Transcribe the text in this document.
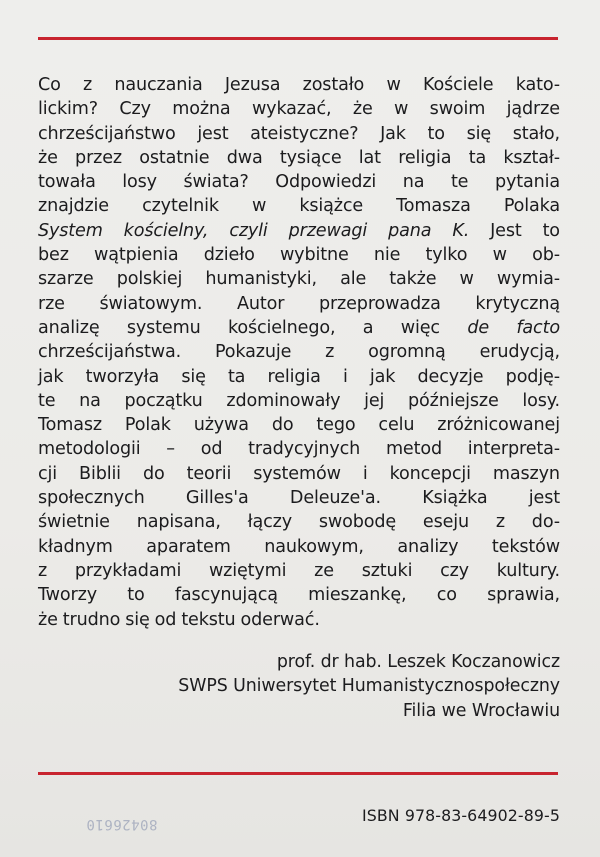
Co z nauczania Jezusa zostało w Kościele kato-
lickim? Czy można wykazać, że w swoim jądrze
chrześcijaństwo jest ateistyczne? Jak to się stało,
że przez ostatnie dwa tysiące lat religia ta kształ-
towała losy świata? Odpowiedzi na te pytania
znajdzie czytelnik w książce Tomasza Polaka
System kościelny, czyli przewagi pana K. Jest to
bez wątpienia dzieło wybitne nie tylko w ob-
szarze polskiej humanistyki, ale także w wymia-
rze światowym. Autor przeprowadza krytyczną
analizę systemu kościelnego, a więc de facto
chrześcijaństwa. Pokazuje z ogromną erudycją,
jak tworzyła się ta religia i jak decyzje podję-
te na początku zdominowały jej późniejsze losy.
Tomasz Polak używa do tego celu zróżnicowanej
metodologii – od tradycyjnych metod interpreta-
cji Biblii do teorii systemów i koncepcji maszyn
społecznych Gilles'a Deleuze'a. Książka jest
świetnie napisana, łączy swobodę eseju z do-
kładnym aparatem naukowym, analizy tekstów
z przykładami wziętymi ze sztuki czy kultury.
Tworzy to fascynującą mieszankę, co sprawia,
że trudno się od tekstu oderwać.
prof. dr hab. Leszek Koczanowicz
SWPS Uniwersytet Humanistycznospołeczny
Filia we Wrocławiu
ISBN 978-83-64902-89-5
80426610
